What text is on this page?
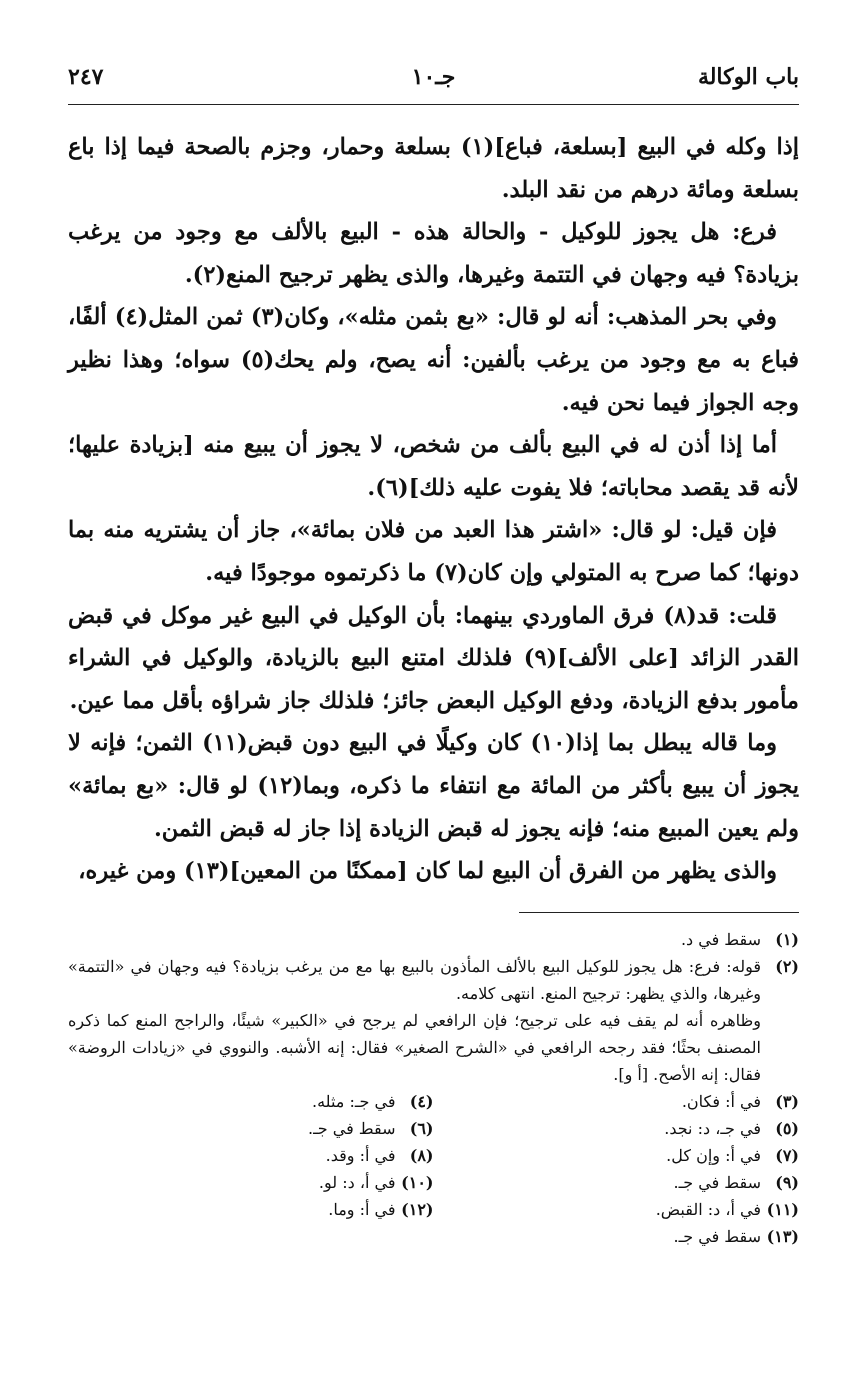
باب الوكالة
جـ١٠
٢٤٧

إذا وكله في البيع [بسلعة، فباع](١) بسلعة وحمار، وجزم بالصحة فيما إذا باع بسلعة ومائة درهم من نقد البلد.

فرع: هل يجوز للوكيل - والحالة هذه - البيع بالألف مع وجود من يرغب بزيادة؟ فيه وجهان في التتمة وغيرها، والذى يظهر ترجيح المنع(٢).

وفي بحر المذهب: أنه لو قال: «بع بثمن مثله»، وكان(٣) ثمن المثل(٤) ألفًا، فباع به مع وجود من يرغب بألفين: أنه يصح، ولم يحك(٥) سواه؛ وهذا نظير وجه الجواز فيما نحن فيه.

أما إذا أذن له في البيع بألف من شخص، لا يجوز أن يبيع منه [بزيادة عليها؛ لأنه قد يقصد محاباته؛ فلا يفوت عليه ذلك](٦).

فإن قيل: لو قال: «اشتر هذا العبد من فلان بمائة»، جاز أن يشتريه منه بما دونها؛ كما صرح به المتولي وإن كان(٧) ما ذكرتموه موجودًا فيه.

قلت: قد(٨) فرق الماوردي بينهما: بأن الوكيل في البيع غير موكل في قبض القدر الزائد [على الألف](٩) فلذلك امتنع البيع بالزيادة، والوكيل في الشراء مأمور بدفع الزيادة، ودفع الوكيل البعض جائز؛ فلذلك جاز شراؤه بأقل مما عين.

وما قاله يبطل بما إذا(١٠) كان وكيلًا في البيع دون قبض(١١) الثمن؛ فإنه لا يجوز أن يبيع بأكثر من المائة مع انتفاء ما ذكره، وبما(١٢) لو قال: «بع بمائة» ولم يعين المبيع منه؛ فإنه يجوز له قبض الزيادة إذا جاز له قبض الثمن.

والذى يظهر من الفرق أن البيع لما كان [ممكنًا من المعين](١٣) ومن غيره،

(١)
سقط في د.
(٢)
قوله: فرع: هل يجوز للوكيل البيع بالألف المأذون بالبيع بها مع من يرغب بزيادة؟ فيه وجهان في «التتمة» وغيرها، والذي يظهر: ترجيح المنع. انتهى كلامه.
وظاهره أنه لم يقف فيه على ترجيح؛ فإن الرافعي لم يرجح في «الكبير» شيئًا، والراجح المنع كما ذكره المصنف بحثًا؛ فقد رجحه الرافعي في «الشرح الصغير» فقال: إنه الأشبه. والنووي في «زيادات الروضة» فقال: إنه الأصح. [أ و].
(٣)
في أ: فكان.
(٤)
في جـ: مثله.
(٥)
في جـ، د: نجد.
(٦)
سقط في جـ.
(٧)
في أ: وإن كل.
(٨)
في أ: وقد.
(٩)
سقط في جـ.
(١٠)
في أ، د: لو.
(١١)
في أ، د: القبض.
(١٢)
في أ: وما.
(١٣)
سقط في جـ.
